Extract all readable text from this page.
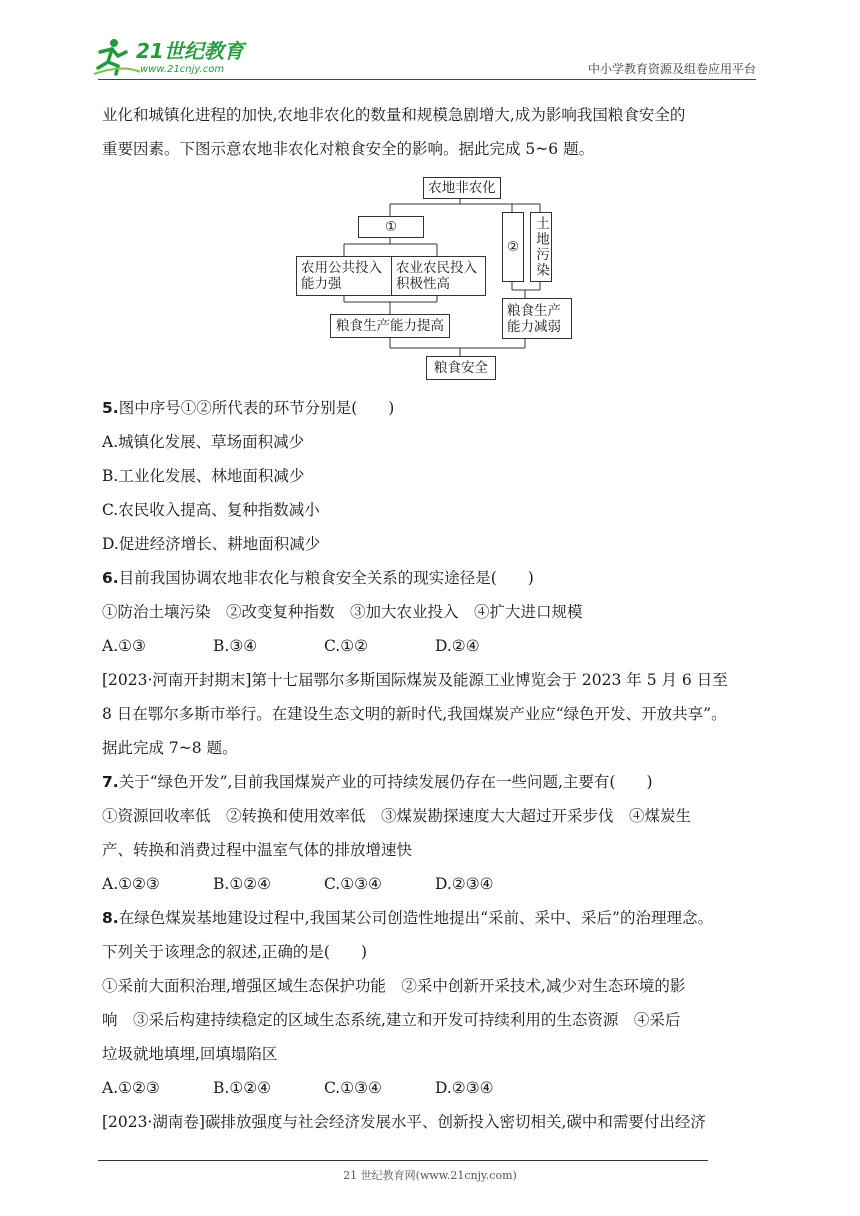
21世纪教育
www.21cnjy.com	中小学教育资源及组卷应用平台
业化和城镇化进程的加快,农地非农化的数量和规模急剧增大,成为影响我国粮食安全的
重要因素。下图示意农地非农化对粮食安全的影响。据此完成 5~6 题。
农地非农化
①
②	土地污染
农用公共投入能力强
农业农民投入积极性高
粮食生产能力提高
粮食生产能力减弱
粮食安全
5.图中序号①②所代表的环节分别是(　　)
A.城镇化发展、草场面积减少
B.工业化发展、林地面积减少
C.农民收入提高、复种指数减小
D.促进经济增长、耕地面积减少
6.目前我国协调农地非农化与粮食安全关系的现实途径是(　　)
①防治土壤污染　②改变复种指数　③加大农业投入　④扩大进口规模
A.①③	B.③④	C.①②	D.②④
[2023·河南开封期末]第十七届鄂尔多斯国际煤炭及能源工业博览会于 2023 年 5 月 6 日至
8 日在鄂尔多斯市举行。在建设生态文明的新时代,我国煤炭产业应“绿色开发、开放共享”。
据此完成 7~8 题。
7.关于“绿色开发”,目前我国煤炭产业的可持续发展仍存在一些问题,主要有(　　)
①资源回收率低　②转换和使用效率低　③煤炭勘探速度大大超过开采步伐　④煤炭生
产、转换和消费过程中温室气体的排放增速快
A.①②③	B.①②④	C.①③④	D.②③④
8.在绿色煤炭基地建设过程中,我国某公司创造性地提出“采前、采中、采后”的治理理念。
下列关于该理念的叙述,正确的是(　　)
①采前大面积治理,增强区域生态保护功能　②采中创新开采技术,减少对生态环境的影
响　③采后构建持续稳定的区域生态系统,建立和开发可持续利用的生态资源　④采后
垃圾就地填埋,回填塌陷区
A.①②③	B.①②④	C.①③④	D.②③④
[2023·湖南卷]碳排放强度与社会经济发展水平、创新投入密切相关,碳中和需要付出经济
21 世纪教育网(www.21cnjy.com)
